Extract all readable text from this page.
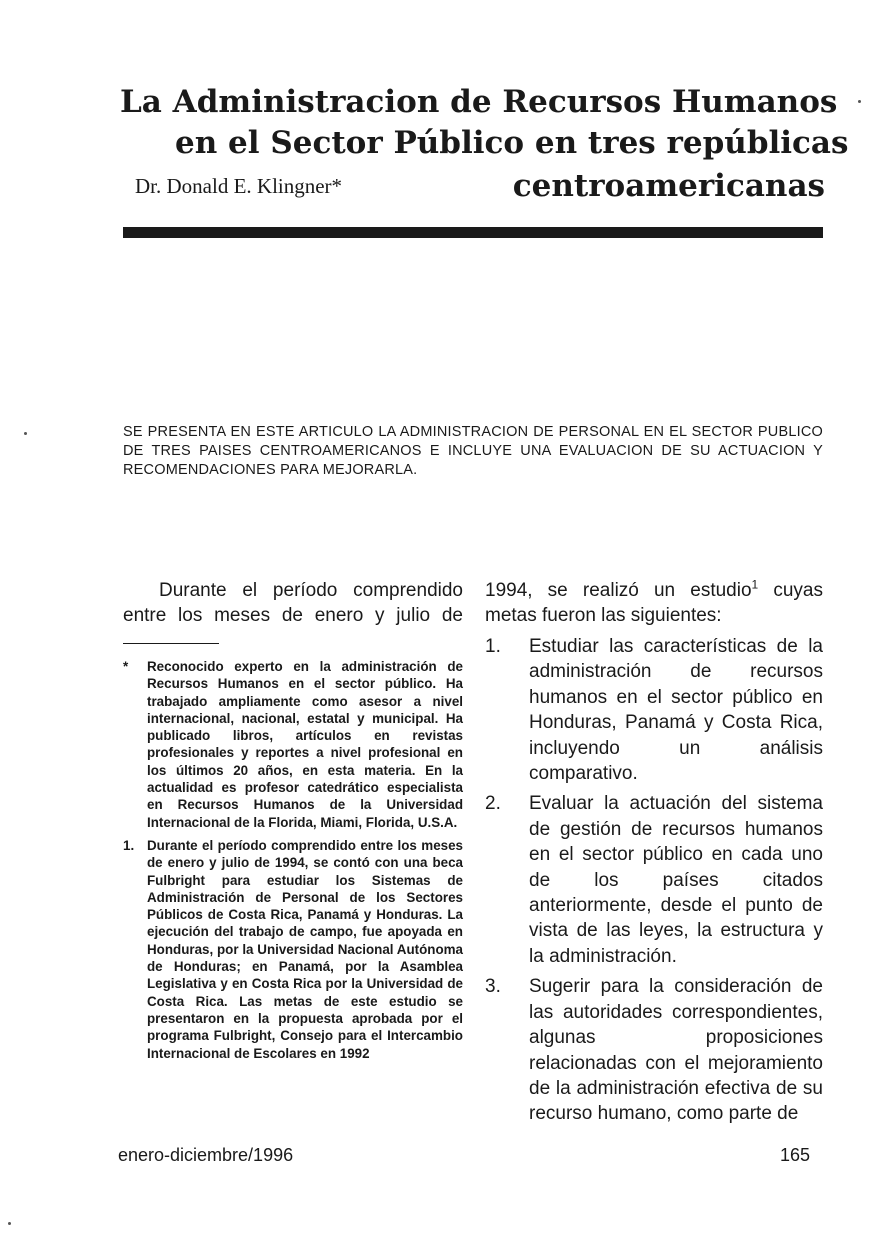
La Administracion de Recursos Humanos
en el Sector Público en tres repúblicas
Dr. Donald E. Klingner*	centroamericanas
SE PRESENTA EN ESTE ARTICULO LA ADMINISTRACION DE PERSONAL EN EL SECTOR PUBLICO DE TRES PAISES CENTROAMERICANOS E INCLUYE UNA EVALUACION DE SU ACTUACION Y RECOMENDACIONES PARA MEJORARLA.
Durante el período comprendido entre los meses de enero y julio de
* Reconocido experto en la administración de Recursos Humanos en el sector público. Ha trabajado ampliamente como asesor a nivel internacional, nacional, estatal y municipal. Ha publicado libros, artículos en revistas profesionales y reportes a nivel profesional en los últimos 20 años, en esta materia. En la actualidad es profesor catedrático especialista en Recursos Humanos de la Universidad Internacional de la Florida, Miami, Florida, U.S.A.
1. Durante el período comprendido entre los meses de enero y julio de 1994, se contó con una beca Fulbright para estudiar los Sistemas de Administración de Personal de los Sectores Públicos de Costa Rica, Panamá y Honduras. La ejecución del trabajo de campo, fue apoyada en Honduras, por la Universidad Nacional Autónoma de Honduras; en Panamá, por la Asamblea Legislativa y en Costa Rica por la Universidad de Costa Rica. Las metas de este estudio se presentaron en la propuesta aprobada por el programa Fulbright, Consejo para el Intercambio Internacional de Escolares en 1992
1994, se realizó un estudio$^1$ cuyas metas fueron las siguientes:
1. Estudiar las características de la administración de recursos humanos en el sector público en Honduras, Panamá y Costa Rica, incluyendo un análisis comparativo.
2. Evaluar la actuación del sistema de gestión de recursos humanos en el sector público en cada uno de los países citados anteriormente, desde el punto de vista de las leyes, la estructura y la administración.
3. Sugerir para la consideración de las autoridades correspondientes, algunas proposiciones relacionadas con el mejoramiento de la administración efectiva de su recurso humano, como parte de
enero-diciembre/1996	165
